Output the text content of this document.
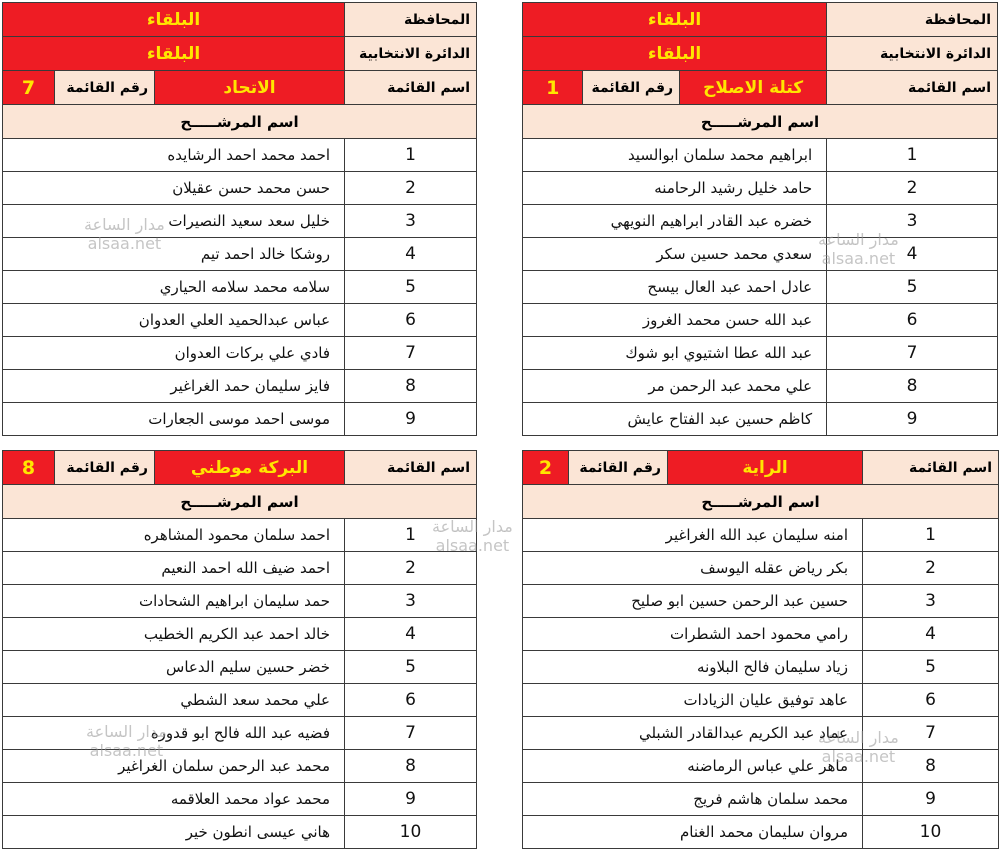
المحافظة	البلقاء		
الدائرة الانتخابية	البلقاء		
اسم القائمة	كتلة الاصلاح	رقم القائمة	1
اسم المرشـــــح			
1	ابراهيم محمد سلمان ابوالسيد		
2	حامد خليل رشيد الرحامنه		
3	خضره عبد القادر ابراهيم النويهي		
4	سعدي محمد حسين سكر		
5	عادل احمد عبد العال بيسح		
6	عبد الله حسن محمد الغروز		
7	عبد الله عطا اشتيوي ابو شوك		
8	علي محمد عبد الرحمن مر		
9	كاظم حسين عبد الفتاح عايش		
المحافظة	البلقاء		
الدائرة الانتخابية	البلقاء		
اسم القائمة	الاتحاد	رقم القائمة	7
اسم المرشـــــح			
1	احمد محمد احمد الرشايده		
2	حسن محمد حسن عقيلان		
3	خليل سعد سعيد النصيرات		
4	روشكا خالد احمد تيم		
5	سلامه محمد سلامه الحياري		
6	عباس عبدالحميد العلي العدوان		
7	فادي علي بركات العدوان		
8	فايز سليمان حمد الغراغير		
9	موسى احمد موسى الجعارات		
اسم القائمة	الراية	رقم القائمة	2
اسم المرشـــــح			
1	امنه سليمان عبد الله الغراغير		
2	بكر رياض عقله اليوسف		
3	حسين عبد الرحمن حسين ابو صليح		
4	رامي محمود احمد الشطرات		
5	زياد سليمان فالح البلاونه		
6	عاهد توفيق عليان الزيادات		
7	عماد عبد الكريم عبدالقادر الشبلي		
8	ماهر علي عباس الرماضنه		
9	محمد سلمان هاشم فريج		
10	مروان سليمان محمد الغنام		
اسم القائمة	البركة موطني	رقم القائمة	8
اسم المرشـــــح			
1	احمد سلمان محمود المشاهره		
2	احمد ضيف الله احمد النعيم		
3	حمد سليمان ابراهيم الشحادات		
4	خالد احمد عبد الكريم الخطيب		
5	خضر حسين سليم الدعاس		
6	علي محمد سعد الشطي		
7	فضيه عبد الله فالح ابو قدوره		
8	محمد عبد الرحمن سلمان الغراغير		
9	محمد عواد محمد العلاقمه		
10	هاني عيسى انطون خير		
مدار الساعة
alsaa.net	مدار الساعة
alsaa.net
مدار الساعة
alsaa.net
مدار الساعة
alsaa.net
مدار الساعة
alsaa.net
